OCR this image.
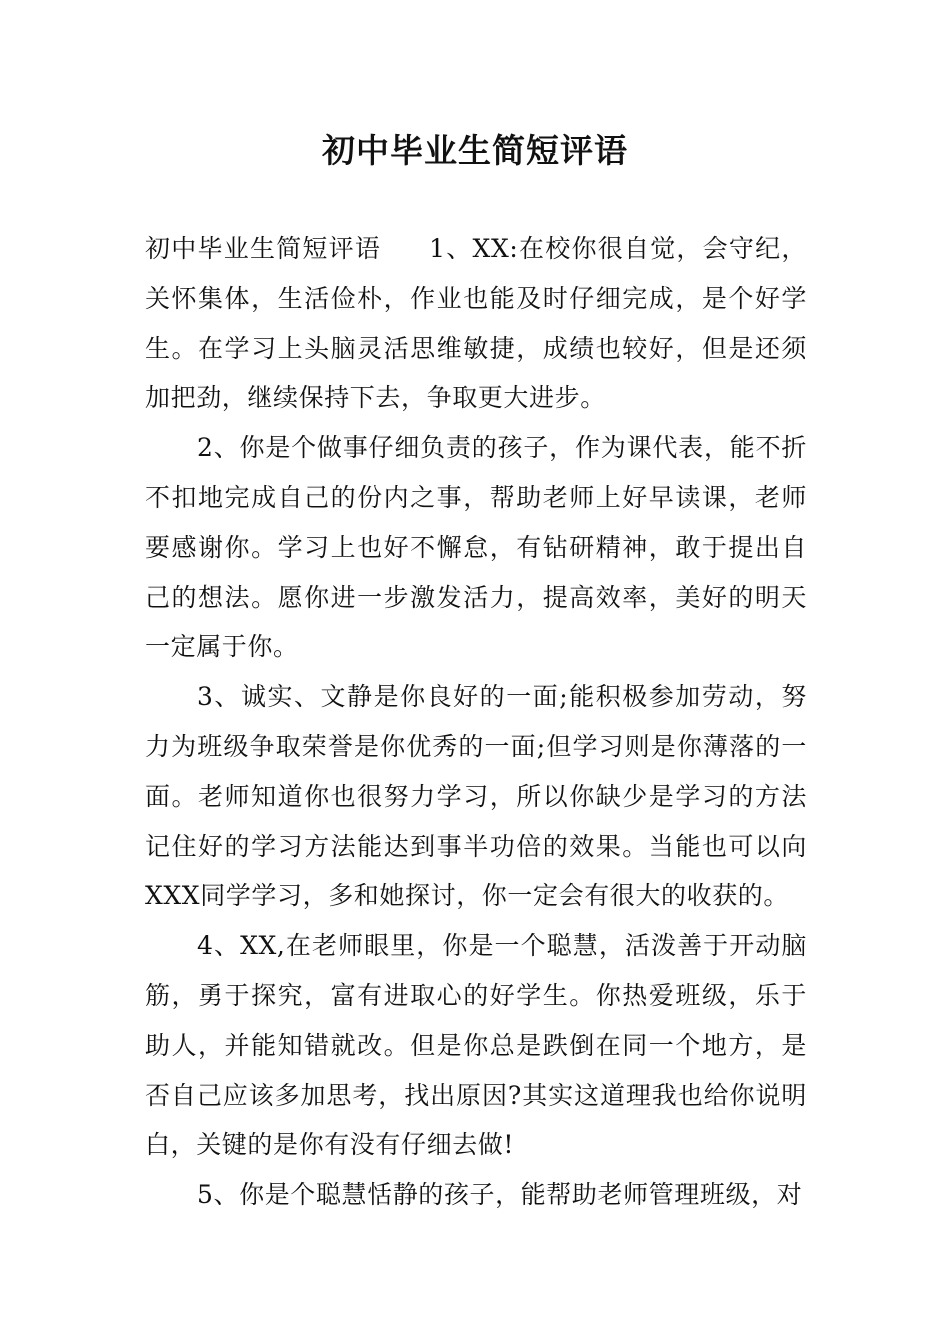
初中毕业生简短评语

初中毕业生简短评语 1、XX:在校你很自觉，会守纪，关怀集体，生活俭朴，作业也能及时仔细完成，是个好学生。在学习上头脑灵活思维敏捷，成绩也较好，但是还须加把劲，继续保持下去，争取更大进步。

2、你是个做事仔细负责的孩子，作为课代表，能不折不扣地完成自己的份内之事，帮助老师上好早读课，老师要感谢你。学习上也好不懈怠，有钻研精神，敢于提出自己的想法。愿你进一步激发活力，提高效率，美好的明天一定属于你。

3、诚实、文静是你良好的一面;能积极参加劳动，努力为班级争取荣誉是你优秀的一面;但学习则是你薄落的一面。老师知道你也很努力学习，所以你缺少是学习的方法记住好的学习方法能达到事半功倍的效果。当能也可以向XXX同学学习，多和她探讨，你一定会有很大的收获的。

4、XX,在老师眼里，你是一个聪慧，活泼善于开动脑筋，勇于探究，富有进取心的好学生。你热爱班级，乐于助人，并能知错就改。但是你总是跌倒在同一个地方，是否自己应该多加思考，找出原因?其实这道理我也给你说明白，关键的是你有没有仔细去做!

5、你是个聪慧恬静的孩子，能帮助老师管理班级，对
